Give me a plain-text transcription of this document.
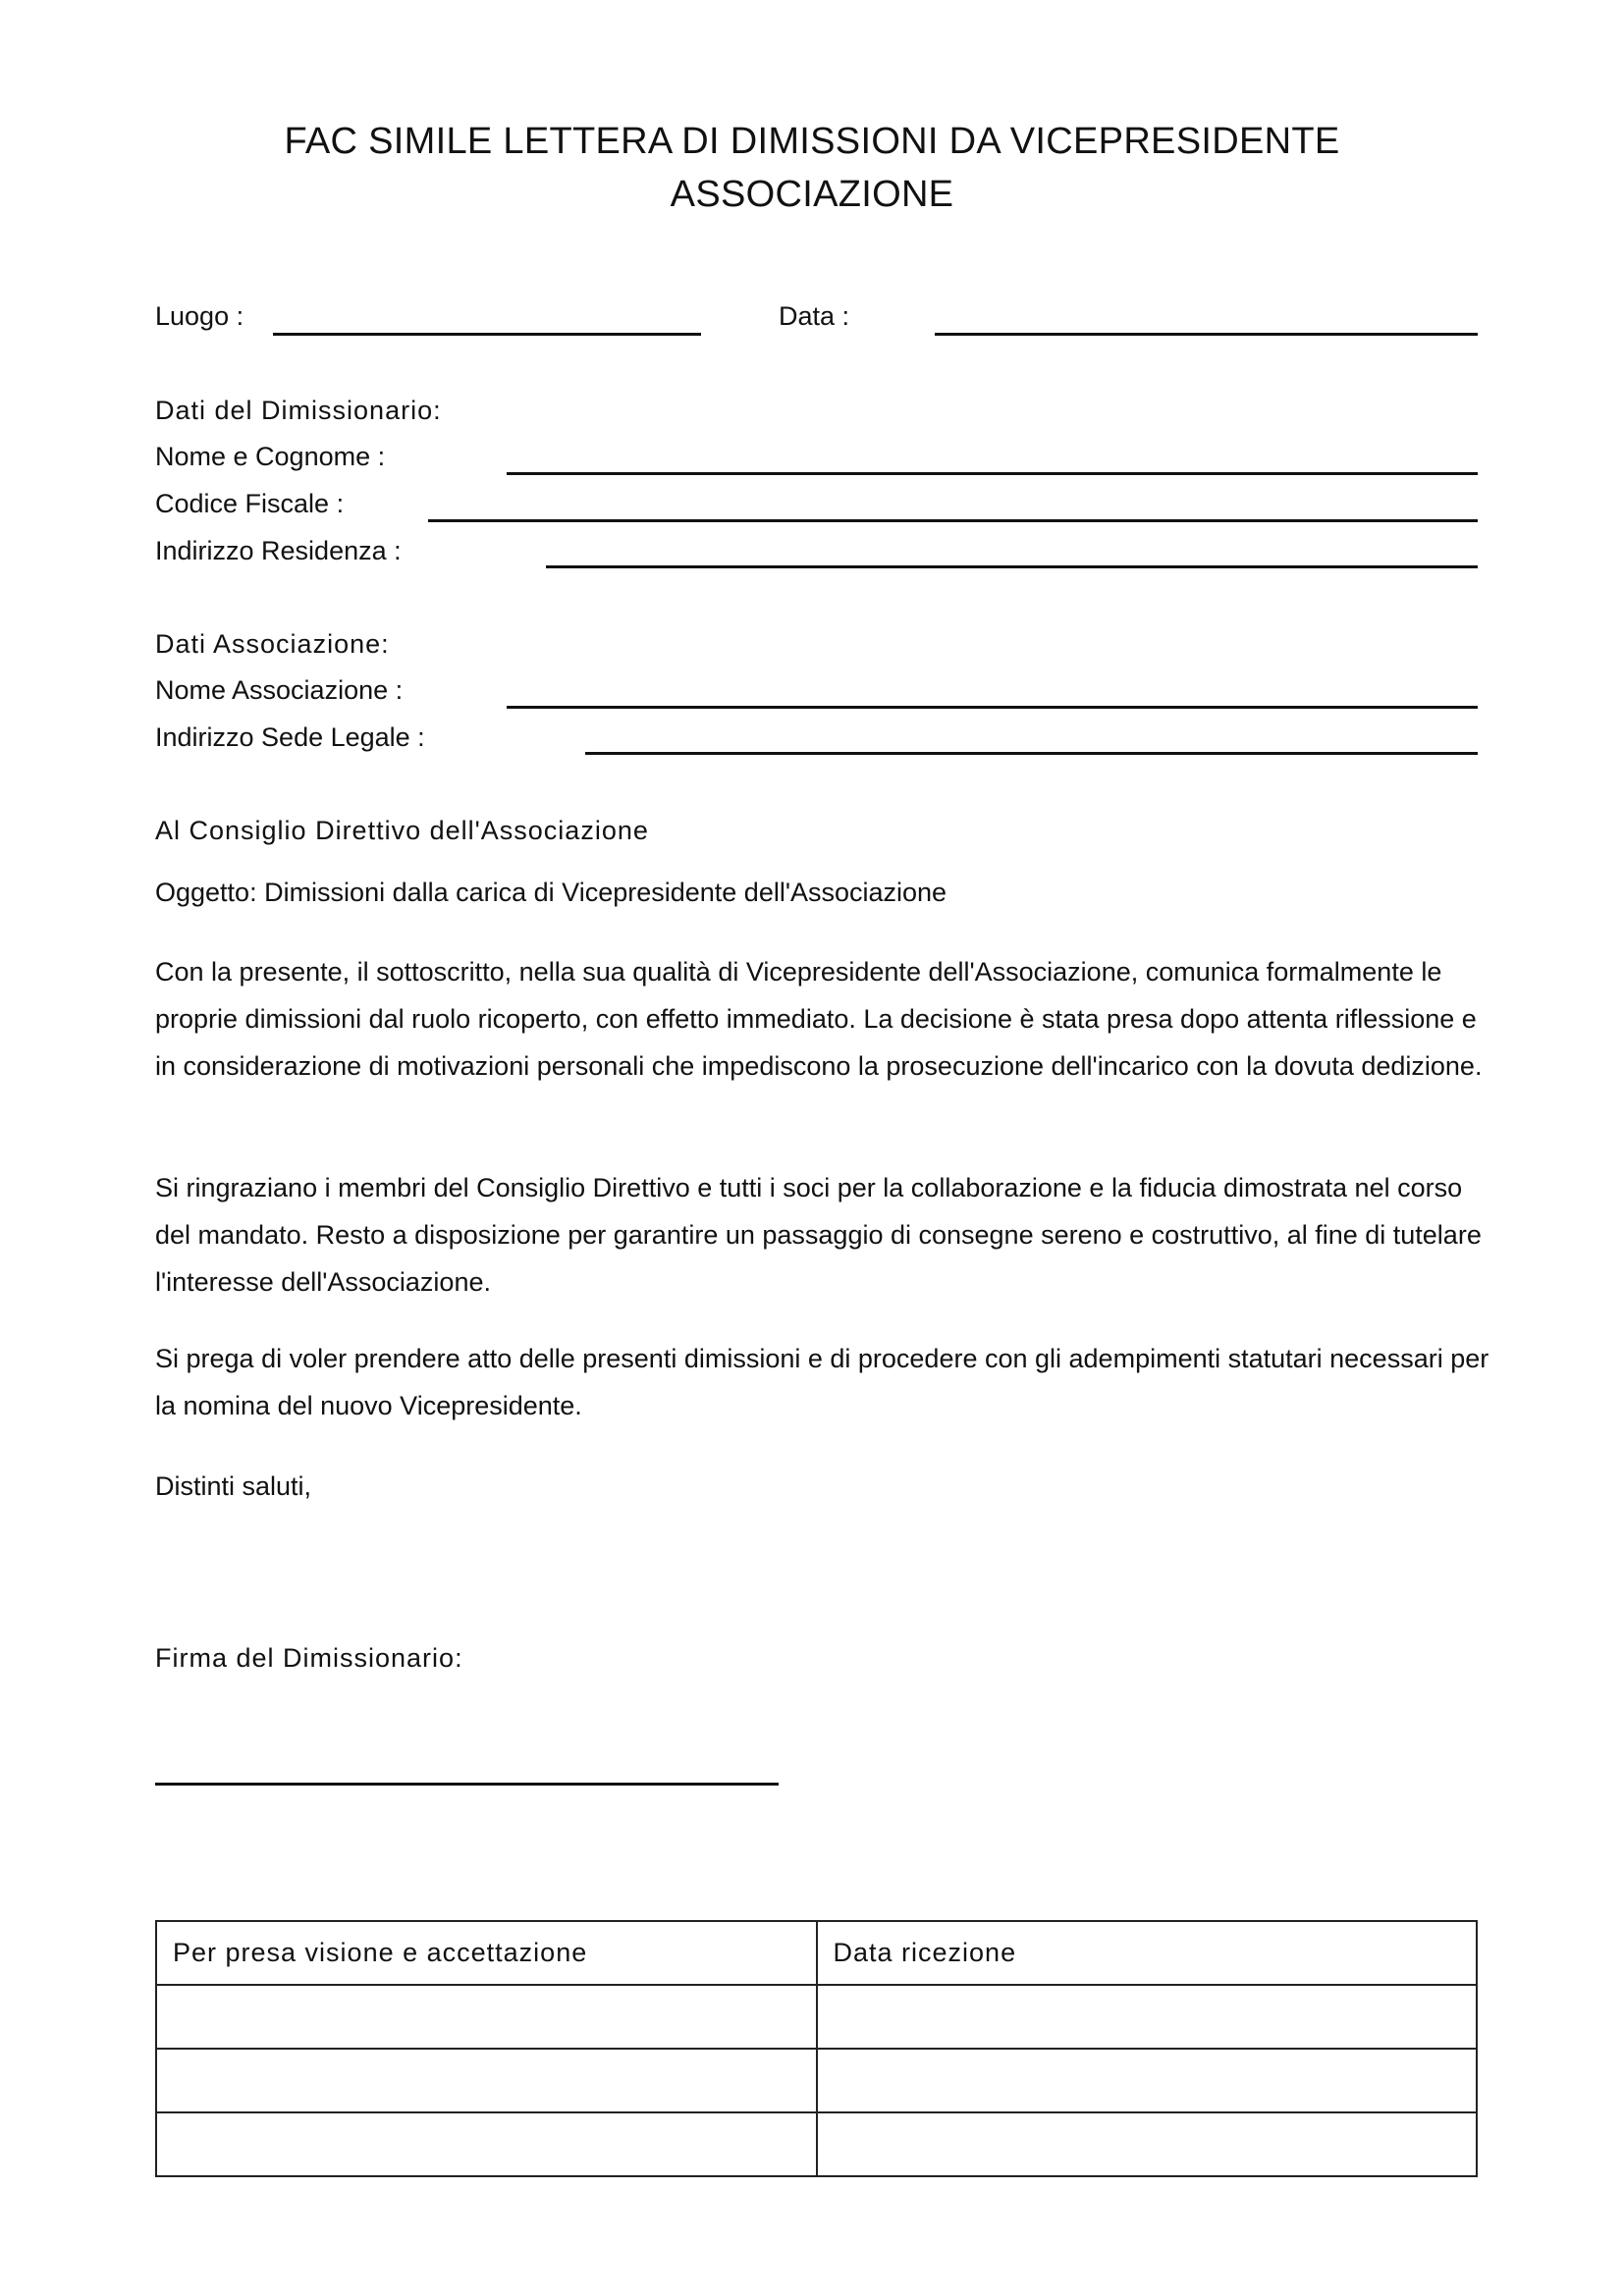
FAC SIMILE LETTERA DI DIMISSIONI DA VICEPRESIDENTE
ASSOCIAZIONE
Luogo :	Data :
Dati del Dimissionario:
Nome e Cognome :
Codice Fiscale :
Indirizzo Residenza :
Dati Associazione:
Nome Associazione :
Indirizzo Sede Legale :
Al Consiglio Direttivo dell'Associazione
Oggetto: Dimissioni dalla carica di Vicepresidente dell'Associazione

Con la presente, il sottoscritto, nella sua qualità di Vicepresidente dell'Associazione, comunica formalmente le proprie dimissioni dal ruolo ricoperto, con effetto immediato. La decisione è stata presa dopo attenta riflessione e in considerazione di motivazioni personali che impediscono la prosecuzione dell'incarico con la dovuta dedizione.

Si ringraziano i membri del Consiglio Direttivo e tutti i soci per la collaborazione e la fiducia dimostrata nel corso del mandato. Resto a disposizione per garantire un passaggio di consegne sereno e costruttivo, al fine di tutelare l'interesse dell'Associazione.

Si prega di voler prendere atto delle presenti dimissioni e di procedere con gli adempimenti statutari necessari per la nomina del nuovo Vicepresidente.

Distinti saluti,
Firma del Dimissionario:
Per presa visione e accettazione	Data ricezione
